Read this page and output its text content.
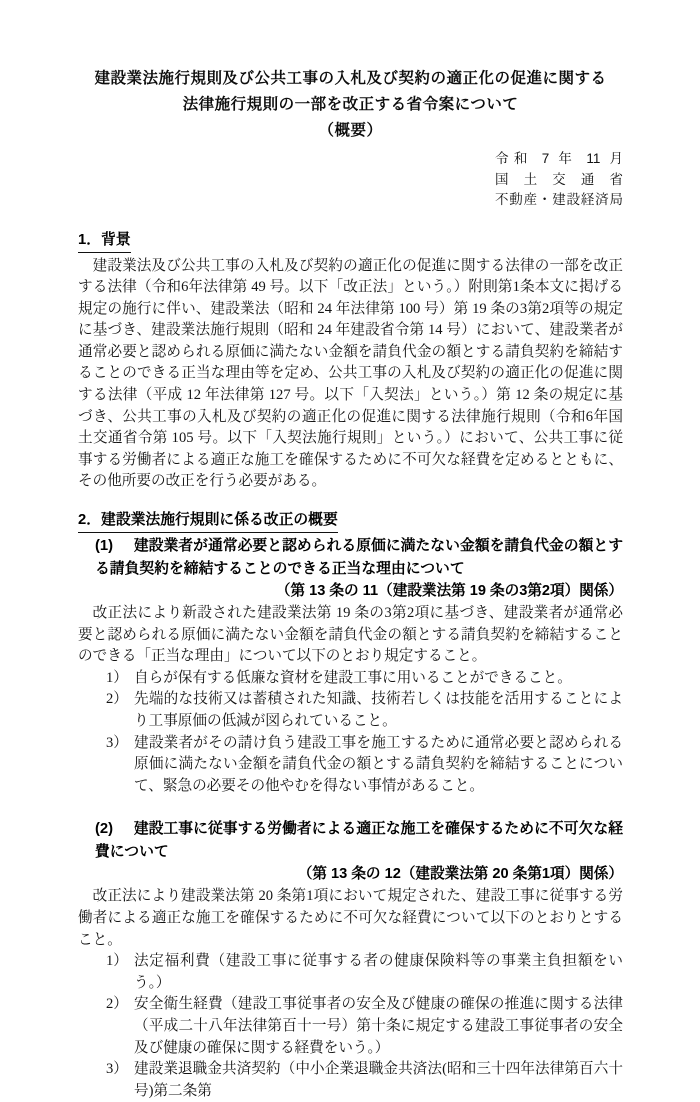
建設業法施行規則及び公共工事の入札及び契約の適正化の促進に関する
法律施行規則の一部を改正する省令案について
（概要）
令和 7 年 11 月
国 土 交 通 省
不動産・建設経済局
1．背景

建設業法及び公共工事の入札及び契約の適正化の促進に関する法律の一部を改正する法律（令和6年法律第 49 号。以下「改正法」という。）附則第1条本文に掲げる規定の施行に伴い、建設業法（昭和 24 年法律第 100 号）第 19 条の3第2項等の規定に基づき、建設業法施行規則（昭和 24 年建設省令第 14 号）において、建設業者が通常必要と認められる原価に満たない金額を請負代金の額とする請負契約を締結することのできる正当な理由等を定め、公共工事の入札及び契約の適正化の促進に関する法律（平成 12 年法律第 127 号。以下「入契法」という。）第 12 条の規定に基づき、公共工事の入札及び契約の適正化の促進に関する法律施行規則（令和6年国土交通省令第 105 号。以下「入契法施行規則」という。）において、公共工事に従事する労働者による適正な施工を確保するために不可欠な経費を定めるとともに、その他所要の改正を行う必要がある。

2．建設業法施行規則に係る改正の概要
(1) 建設業者が通常必要と認められる原価に満たない金額を請負代金の額とする請負契約を締結することのできる正当な理由について
（第 13 条の 11（建設業法第 19 条の3第2項）関係）

改正法により新設された建設業法第 19 条の3第2項に基づき、建設業者が通常必要と認められる原価に満たない金額を請負代金の額とする請負契約を締結することのできる「正当な理由」について以下のとおり規定すること。

1） 自らが保有する低廉な資材を建設工事に用いることができること。
2） 先端的な技術又は蓄積された知識、技術若しくは技能を活用することにより工事原価の低減が図られていること。
3） 建設業者がその請け負う建設工事を施工するために通常必要と認められる原価に満たない金額を請負代金の額とする請負契約を締結することについて、緊急の必要その他やむを得ない事情があること。
(2) 建設工事に従事する労働者による適正な施工を確保するために不可欠な経費について
（第 13 条の 12（建設業法第 20 条第1項）関係）

改正法により建設業法第 20 条第1項において規定された、建設工事に従事する労働者による適正な施工を確保するために不可欠な経費について以下のとおりとすること。

1） 法定福利費（建設工事に従事する者の健康保険料等の事業主負担額をいう。）
2） 安全衛生経費（建設工事従事者の安全及び健康の確保の推進に関する法律（平成二十八年法律第百十一号）第十条に規定する建設工事従事者の安全及び健康の確保に関する経費をいう。）
3） 建設業退職金共済契約（中小企業退職金共済法(昭和三十四年法律第百六十号)第二条第
